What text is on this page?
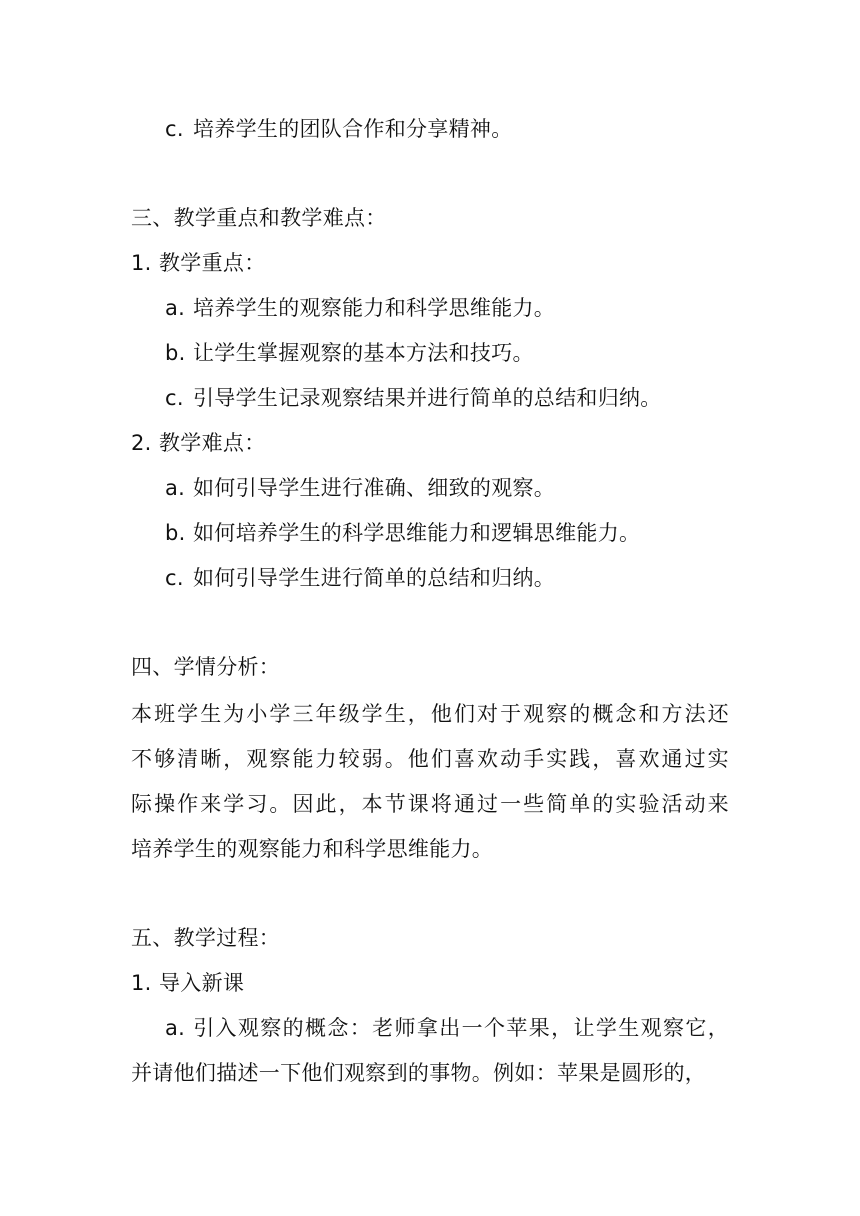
c. 培养学生的团队合作和分享精神。
三、教学重点和教学难点：
1. 教学重点：
a. 培养学生的观察能力和科学思维能力。
b. 让学生掌握观察的基本方法和技巧。
c. 引导学生记录观察结果并进行简单的总结和归纳。
2. 教学难点：
a. 如何引导学生进行准确、细致的观察。
b. 如何培养学生的科学思维能力和逻辑思维能力。
c. 如何引导学生进行简单的总结和归纳。
四、学情分析：
本班学生为小学三年级学生，他们对于观察的概念和方法还
不够清晰，观察能力较弱。他们喜欢动手实践，喜欢通过实
际操作来学习。因此，本节课将通过一些简单的实验活动来
培养学生的观察能力和科学思维能力。
五、教学过程：
1. 导入新课
a. 引入观察的概念：老师拿出一个苹果，让学生观察它，
并请他们描述一下他们观察到的事物。例如：苹果是圆形的，
